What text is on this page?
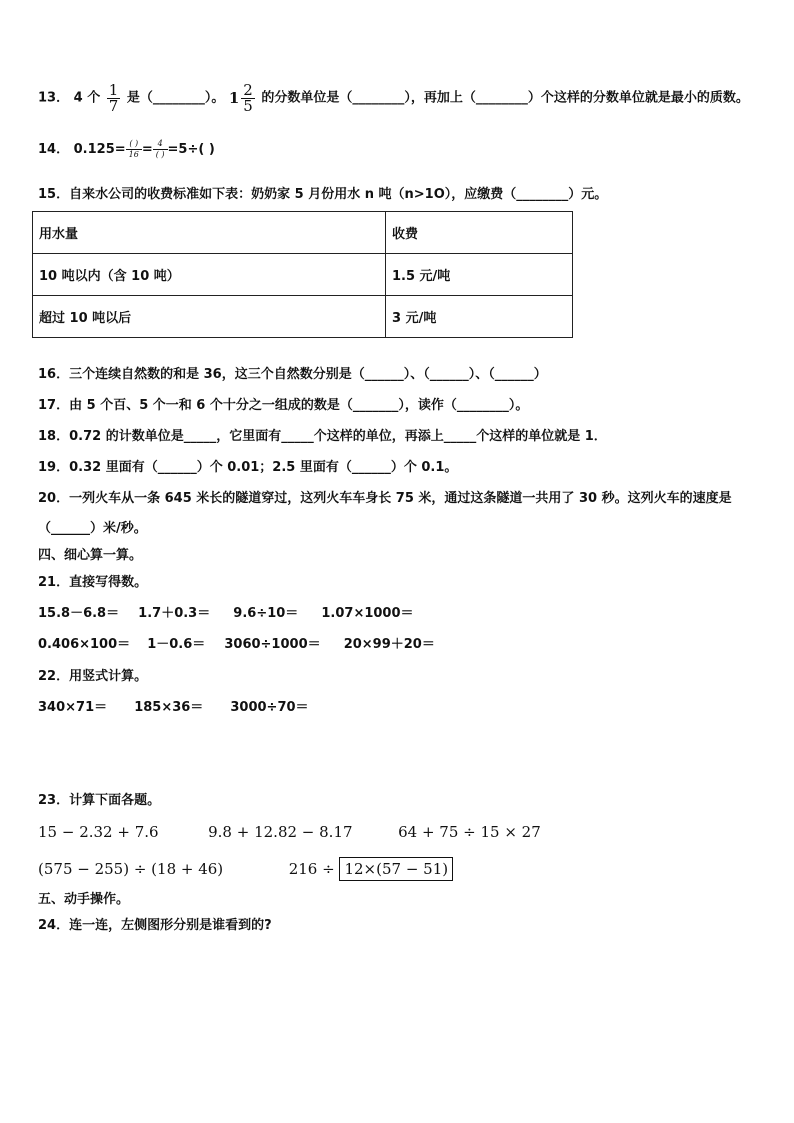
13． 4 个 $\frac{1}{7}$ 是（________）。 $1 \frac{2}{5}$ 的分数单位是（________），再加上（________）个这样的分数单位就是最小的质数。
14． 0.125= ( )
16 = 4
( ) =5÷( )
15．自来水公司的收费标准如下表：奶奶家 5 月份用水 n 吨（n>1O），应缴费（________）元。
用水量	收费
10 吨以内（含 10 吨）	1.5 元/吨
超过 10 吨以后	3 元/吨
16．三个连续自然数的和是 36，这三个自然数分别是（______）、（______）、（______）
17．由 5 个百、5 个一和 6 个十分之一组成的数是（_______），读作（________）。
18．0.72 的计数单位是_____，它里面有_____个这样的单位，再添上_____个这样的单位就是 1．
19．0.32 里面有（______）个 0.01；2.5 里面有（______）个 0.1。
20．一列火车从一条 645 米长的隧道穿过，这列火车车身长 75 米，通过这条隧道一共用了 30 秒。这列火车的速度是
（______）米/秒。
四、细心算一算。
21．直接写得数。
15.8－6.8＝ 1.7＋0.3＝ 9.6÷10＝ 1.07×1000＝
0.406×100＝ 1－0.6＝ 3060÷1000＝ 20×99＋20＝
22．用竖式计算。
340×71＝ 185×36＝ 3000÷70＝
23．计算下面各题。
15 − 2.32 + 7.6	9.8 + 12.82 − 8.17	64 + 75 ÷ 15 × 27
(575 − 255) ÷ (18 + 46)	216 ÷ 12×(57 − 51)
五、动手操作。
24．连一连，左侧图形分别是谁看到的?
